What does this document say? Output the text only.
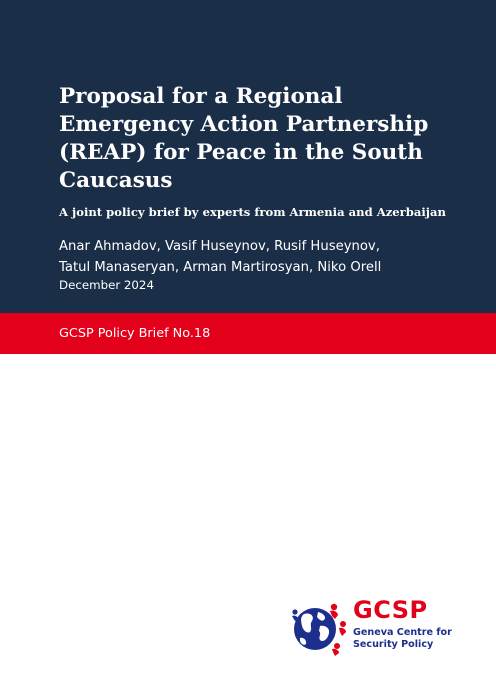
Proposal for a Regional Emergency Action Partnership (REAP) for Peace in the South Caucasus

A joint policy brief by experts from Armenia and Azerbaijan

Anar Ahmadov, Vasif Huseynov, Rusif Huseynov,
Tatul Manaseryan, Arman Martirosyan, Niko Orell

December 2024

GCSP Policy Brief No.18

GCSP

Geneva Centre for
Security Policy
